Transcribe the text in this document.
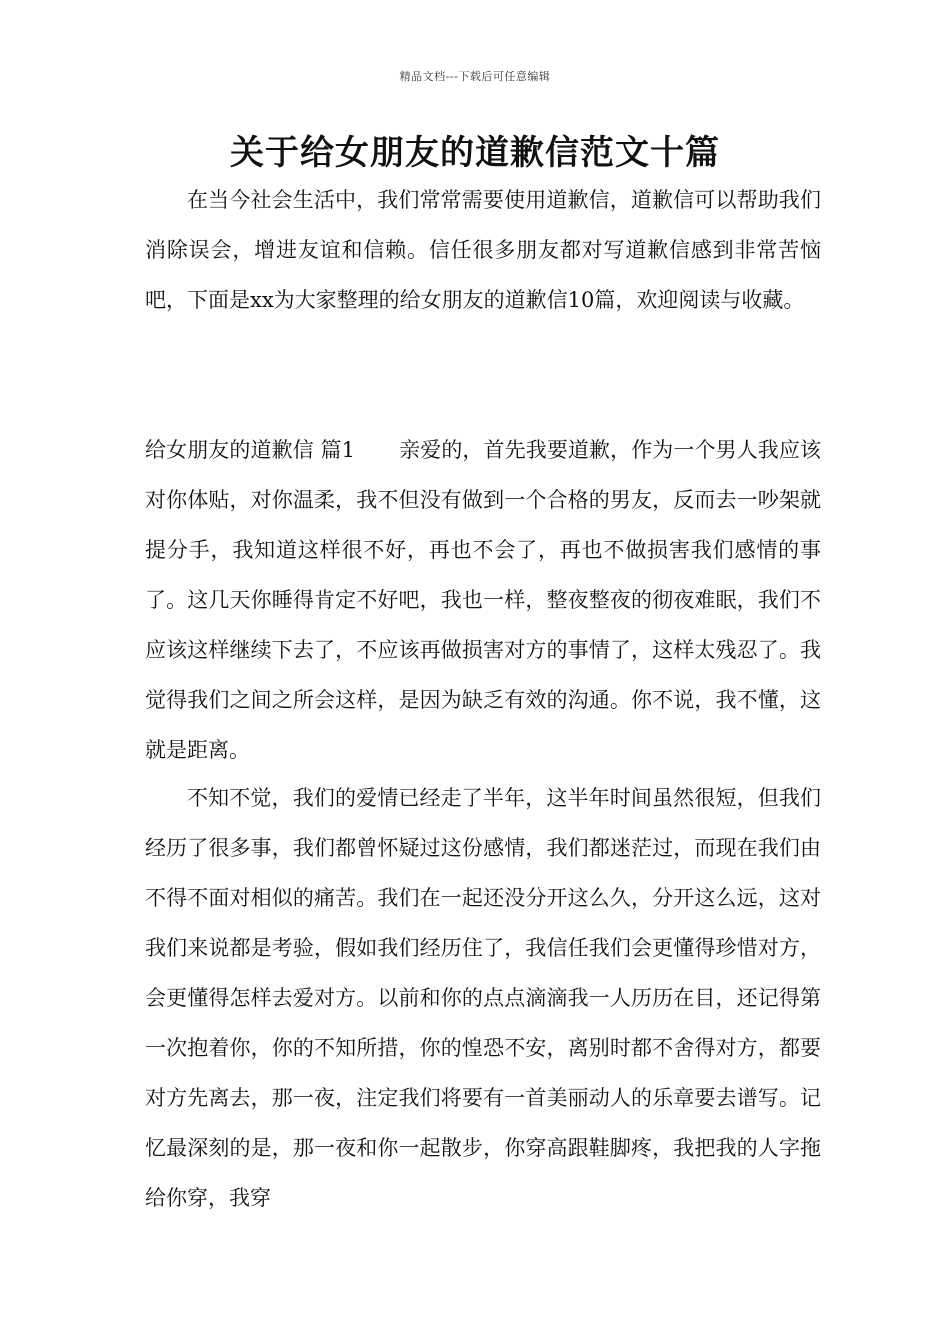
精品文档---下载后可任意编辑
关于给女朋友的道歉信范文十篇

在当今社会生活中，我们常常需要使用道歉信，道歉信可以帮助我们消除误会，增进友谊和信赖。信任很多朋友都对写道歉信感到非常苦恼吧，下面是xx为大家整理的给女朋友的道歉信10篇，欢迎阅读与收藏。

给女朋友的道歉信 篇1 亲爱的，首先我要道歉，作为一个男人我应该对你体贴，对你温柔，我不但没有做到一个合格的男友，反而去一吵架就提分手，我知道这样很不好，再也不会了，再也不做损害我们感情的事了。这几天你睡得肯定不好吧，我也一样，整夜整夜的彻夜难眠，我们不应该这样继续下去了，不应该再做损害对方的事情了，这样太残忍了。我觉得我们之间之所会这样，是因为缺乏有效的沟通。你不说，我不懂，这就是距离。

不知不觉，我们的爱情已经走了半年，这半年时间虽然很短，但我们经历了很多事，我们都曾怀疑过这份感情，我们都迷茫过，而现在我们由不得不面对相似的痛苦。我们在一起还没分开这么久，分开这么远，这对我们来说都是考验，假如我们经历住了，我信任我们会更懂得珍惜对方，会更懂得怎样去爱对方。以前和你的点点滴滴我一人历历在目，还记得第一次抱着你，你的不知所措，你的惶恐不安，离别时都不舍得对方，都要对方先离去，那一夜，注定我们将要有一首美丽动人的乐章要去谱写。记忆最深刻的是，那一夜和你一起散步，你穿高跟鞋脚疼，我把我的人字拖给你穿，我穿
